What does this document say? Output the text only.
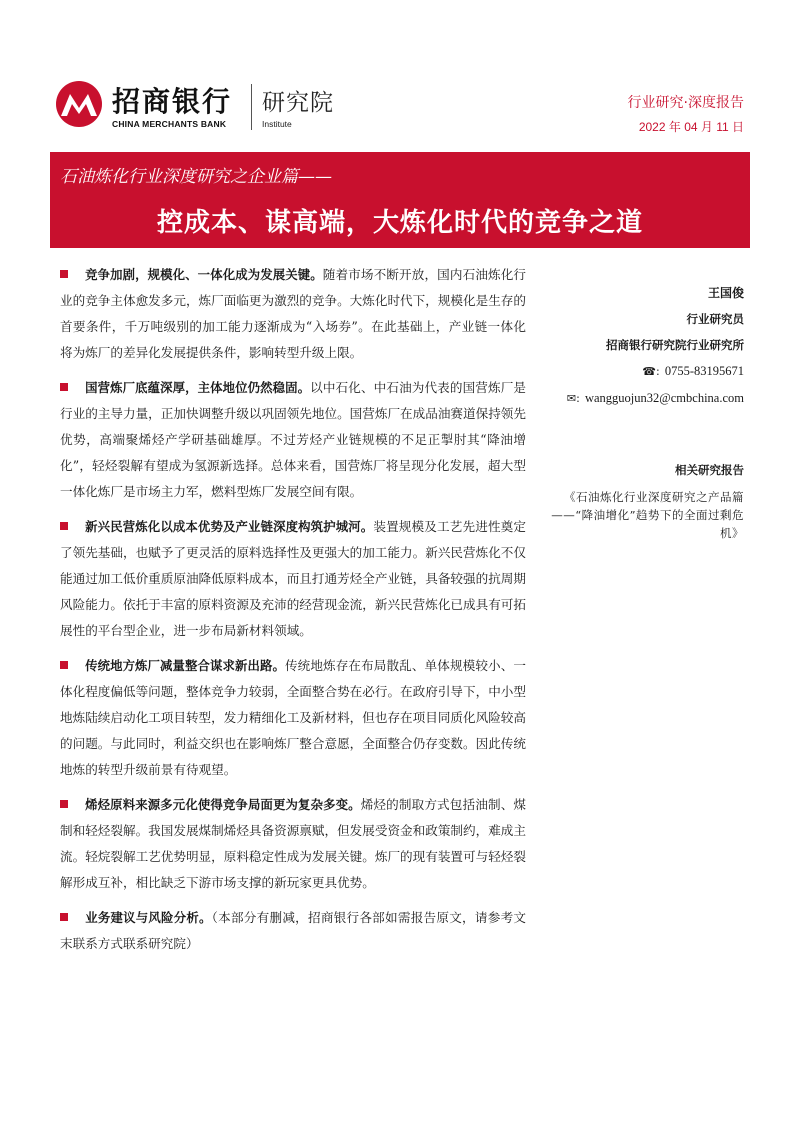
招商银行
CHINA MERCHANTS BANK
研究院
Institute
行业研究·深度报告
2022 年 04 月 11 日
石油炼化行业深度研究之企业篇——
控成本、谋高端，大炼化时代的竞争之道

竞争加剧，规模化、一体化成为发展关键。随着市场不断开放，国内石油炼化行业的竞争主体愈发多元，炼厂面临更为激烈的竞争。大炼化时代下，规模化是生存的首要条件，千万吨级别的加工能力逐渐成为“入场券”。在此基础上，产业链一体化将为炼厂的差异化发展提供条件，影响转型升级上限。

国营炼厂底蕴深厚，主体地位仍然稳固。以中石化、中石油为代表的国营炼厂是行业的主导力量，正加快调整升级以巩固领先地位。国营炼厂在成品油赛道保持领先优势，高端聚烯烃产学研基础雄厚。不过芳烃产业链规模的不足正掣肘其“降油增化”，轻烃裂解有望成为氢源新选择。总体来看，国营炼厂将呈现分化发展，超大型一体化炼厂是市场主力军，燃料型炼厂发展空间有限。

新兴民营炼化以成本优势及产业链深度构筑护城河。装置规模及工艺先进性奠定了领先基础，也赋予了更灵活的原料选择性及更强大的加工能力。新兴民营炼化不仅能通过加工低价重质原油降低原料成本，而且打通芳烃全产业链，具备较强的抗周期风险能力。依托于丰富的原料资源及充沛的经营现金流，新兴民营炼化已成具有可拓展性的平台型企业，进一步布局新材料领域。

传统地方炼厂减量整合谋求新出路。传统地炼存在布局散乱、单体规模较小、一体化程度偏低等问题，整体竞争力较弱，全面整合势在必行。在政府引导下，中小型地炼陆续启动化工项目转型，发力精细化工及新材料，但也存在项目同质化风险较高的问题。与此同时，利益交织也在影响炼厂整合意愿，全面整合仍存变数。因此传统地炼的转型升级前景有待观望。

烯烃原料来源多元化使得竞争局面更为复杂多变。烯烃的制取方式包括油制、煤制和轻烃裂解。我国发展煤制烯烃具备资源禀赋，但发展受资金和政策制约，难成主流。轻烷裂解工艺优势明显，原料稳定性成为发展关键。炼厂的现有装置可与轻烃裂解形成互补，相比缺乏下游市场支撑的新玩家更具优势。

业务建议与风险分析。（本部分有删减，招商银行各部如需报告原文，请参考文末联系方式联系研究院）

王国俊
行业研究员
招商银行研究院行业研究所
☎: 0755-83195671
✉: wangguojun32@cmbchina.com
相关研究报告
《石油炼化行业深度研究之产品篇——“降油增化”趋势下的全面过剩危机》
